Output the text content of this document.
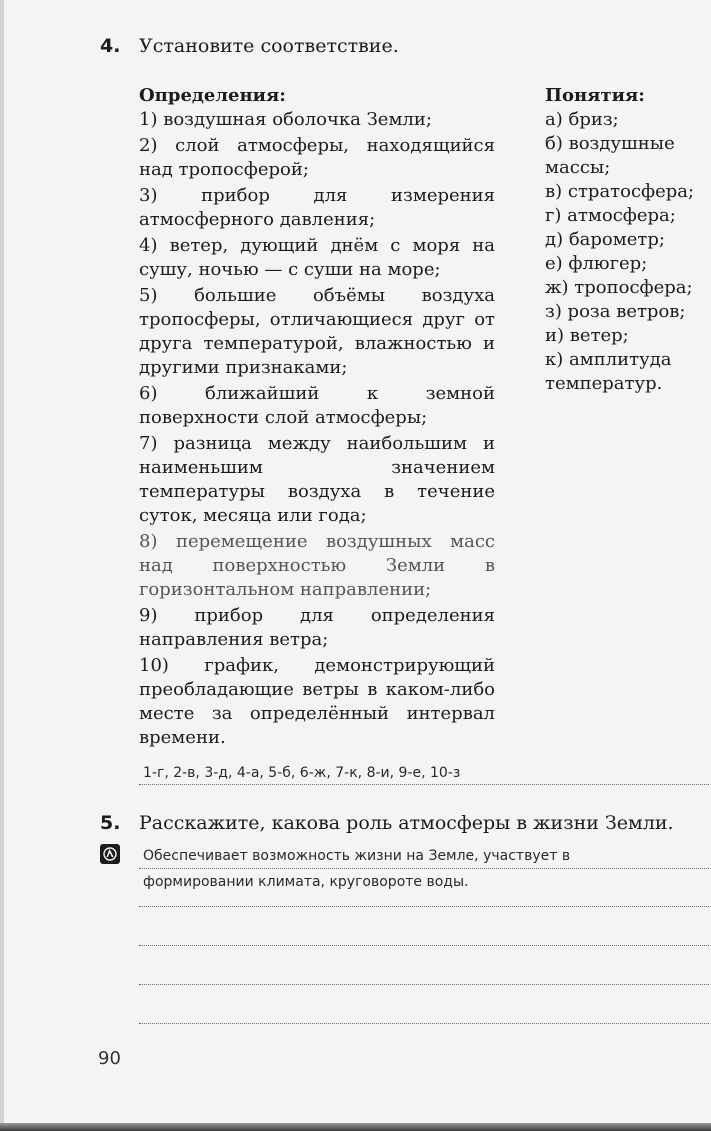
4. Установите соответствие.

Определения:

1) воздушная оболочка Земли;

2) слой атмосферы, находящийся над тропосферой;

3) прибор для измерения атмосферного давления;

4) ветер, дующий днём с моря на сушу, ночью — с суши на море;

5) большие объёмы воздуха тропосферы, отличающиеся друг от друга температурой, влажностью и другими признаками;

6) ближайший к земной поверхности слой атмосферы;

7) разница между наибольшим и наименьшим значением температуры воздуха в течение суток, месяца или года;

8) перемещение воздушных масс над поверхностью Земли в горизонтальном направлении;

9) прибор для определения направления ветра;

10) график, демонстрирующий преобладающие ветры в каком-либо месте за определённый интервал времени.

Понятия:

а) бриз;

б) воздушные массы;

в) стратосфера;

г) атмосфера;

д) барометр;

е) флюгер;

ж) тропосфера;

з) роза ветров;

и) ветер;

к) амплитуда температур.

1-г, 2-в, 3-д, 4-а, 5-б, 6-ж, 7-к, 8-и, 9-е, 10-з
5. Расскажите, какова роль атмосферы в жизни Земли.
Обеспечивает возможность жизни на Земле, участвует в
формировании климата, круговороте воды.
90
